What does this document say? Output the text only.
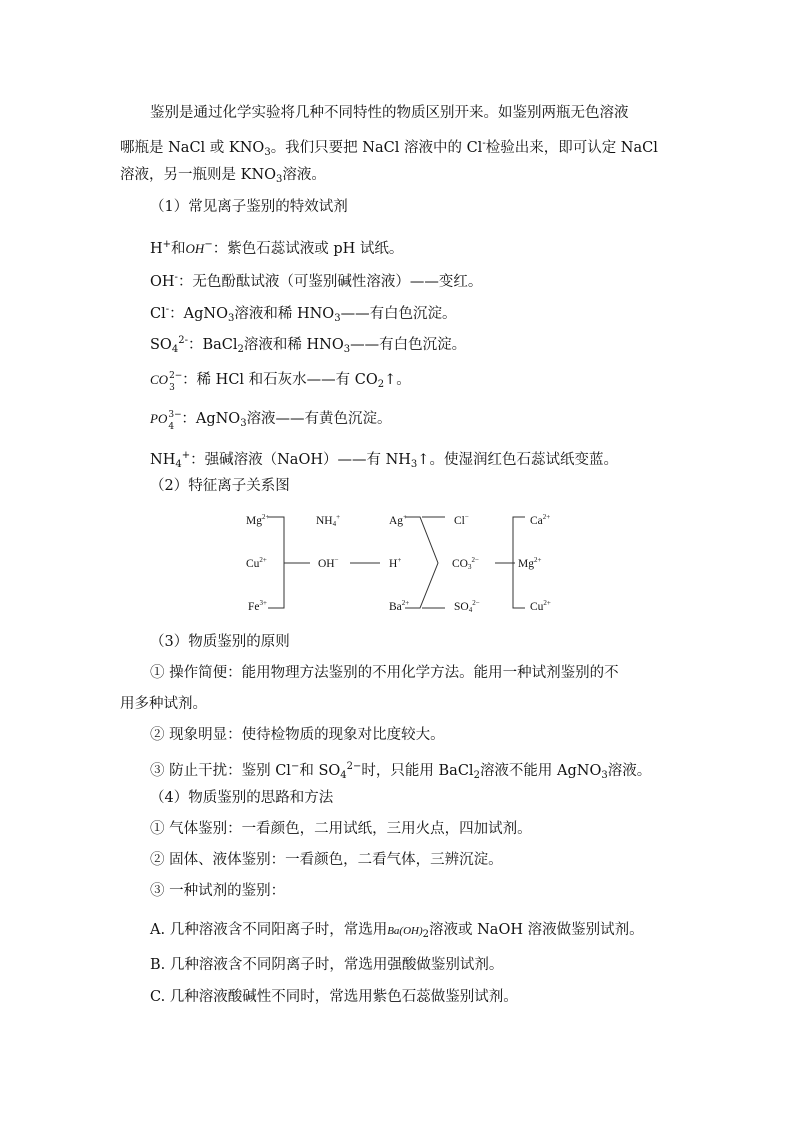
鉴别是通过化学实验将几种不同特性的物质区别开来。如鉴别两瓶无色溶液
哪瓶是 NaCl 或 $KNO_3$。我们只要把 NaCl 溶液中的 Cl-检验出来，即可认定 NaCl
溶液，另一瓶则是 $KNO_3$溶液。
（1）常见离子鉴别的特效试剂
H+和OH−：紫色石蕊试液或 pH 试纸。
OH-：无色酚酞试液（可鉴别碱性溶液）——变红。
Cl-：AgNO$_3$溶液和稀 $HNO_3——$有白色沉淀。
$SO_4^{2-}$：BaCl$_2$溶液和稀 $HNO_3——$有白色沉淀。
CO 2−
3 ：稀 HCl 和石灰水——有 $CO_2↑$。
PO 3−
4 ：AgNO$_3$溶液——有黄色沉淀。
$NH_4^+$：强碱溶液（NaOH）——有 $NH_3↑$。使湿润红色石蕊试纸变蓝。
（2）特征离子关系图
$Mg^{2+}$
$Cu^{2+}$
$Fe^{3+}$
$NH_4^+$
OH−
Ag+
H+
$Ba^{2+}$
Cl−
$CO_3^{2-}$
$SO_4^{2-}$
$Ca^{2+}$
$Mg^{2+}$
$Cu^{2+}$
（3）物质鉴别的原则
① 操作简便：能用物理方法鉴别的不用化学方法。能用一种试剂鉴别的不
用多种试剂。
② 现象明显：使待检物质的现象对比度较大。
③ 防止干扰：鉴别 Cl−和 $SO_4^{2-}$时，只能用 BaCl$_2$溶液不能用 AgNO$_3$溶液。
（4）物质鉴别的思路和方法
① 气体鉴别：一看颜色，二用试纸，三用火点，四加试剂。
② 固体、液体鉴别：一看颜色，二看气体，三辨沉淀。
③ 一种试剂的鉴别：
A. 几种溶液含不同阳离子时，常选用$Ba(OH)_2$溶液或 NaOH 溶液做鉴别试剂。
B. 几种溶液含不同阴离子时，常选用强酸做鉴别试剂。
C. 几种溶液酸碱性不同时，常选用紫色石蕊做鉴别试剂。
